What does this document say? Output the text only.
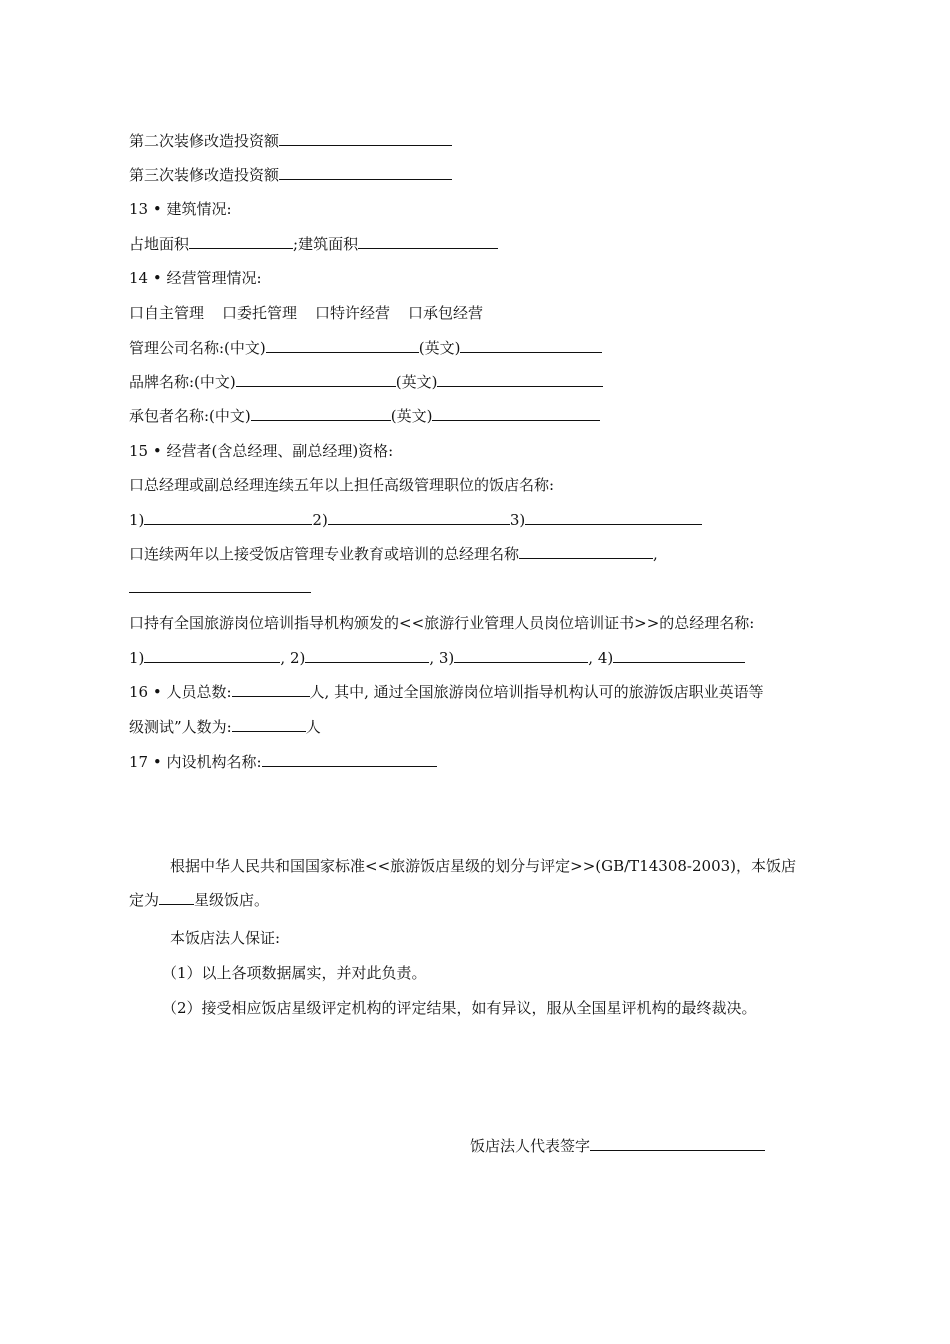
第二次装修改造投资额
第三次装修改造投资额
13 • 建筑情况:
占地面积	;建筑面积
14 • 经营管理情况:
口自主管理 口委托管理 口特许经营 口承包经营
管理公司名称:(中文)	(英文)
品牌名称:(中文)	(英文)
承包者名称:(中文)	(英文)
15 • 经营者(含总经理、副总经理)资格:
口总经理或副总经理连续五年以上担任高级管理职位的饭店名称:
1)	2)	3)
口连续两年以上接受饭店管理专业教育或培训的总经理名称	,
口持有全国旅游岗位培训指导机构颁发的<<旅游行业管理人员岗位培训证书>>的总经理名称:
1)	, 2)	, 3)	, 4)
16 • 人员总数:	人, 其中, 通过全国旅游岗位培训指导机构认可的旅游饭店职业英语等
级测试”人数为:	人
17 • 内设机构名称:
根据中华人民共和国国家标准<<旅游饭店星级的划分与评定>>(GB/T14308-2003)，本饭店
定为 星级饭店。
本饭店法人保证:
（1）以上各项数据属实，并对此负责。
（2）接受相应饭店星级评定机构的评定结果，如有异议，服从全国星评机构的最终裁决。
饭店法人代表签字
